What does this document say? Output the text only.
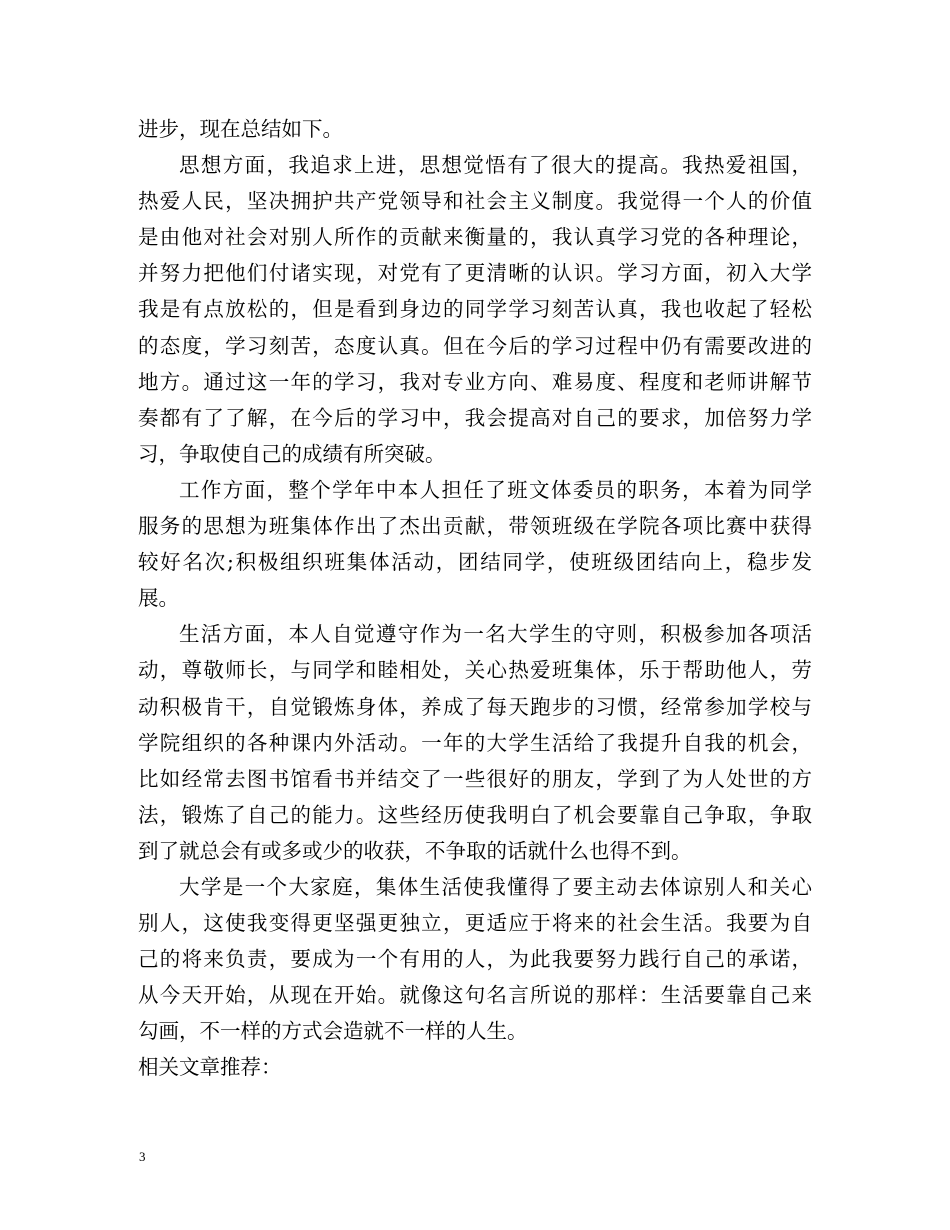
进步，现在总结如下。
思想方面，我追求上进，思想觉悟有了很大的提高。我热爱祖国，
热爱人民，坚决拥护共产党领导和社会主义制度。我觉得一个人的价值
是由他对社会对别人所作的贡献来衡量的，我认真学习党的各种理论，
并努力把他们付诸实现，对党有了更清晰的认识。学习方面，初入大学
我是有点放松的，但是看到身边的同学学习刻苦认真，我也收起了轻松
的态度，学习刻苦，态度认真。但在今后的学习过程中仍有需要改进的
地方。通过这一年的学习，我对专业方向、难易度、程度和老师讲解节
奏都有了了解，在今后的学习中，我会提高对自己的要求，加倍努力学
习，争取使自己的成绩有所突破。
工作方面，整个学年中本人担任了班文体委员的职务，本着为同学
服务的思想为班集体作出了杰出贡献，带领班级在学院各项比赛中获得
较好名次;积极组织班集体活动，团结同学，使班级团结向上，稳步发
展。
生活方面，本人自觉遵守作为一名大学生的守则，积极参加各项活
动，尊敬师长，与同学和睦相处，关心热爱班集体，乐于帮助他人，劳
动积极肯干，自觉锻炼身体，养成了每天跑步的习惯，经常参加学校与
学院组织的各种课内外活动。一年的大学生活给了我提升自我的机会，
比如经常去图书馆看书并结交了一些很好的朋友，学到了为人处世的方
法，锻炼了自己的能力。这些经历使我明白了机会要靠自己争取，争取
到了就总会有或多或少的收获，不争取的话就什么也得不到。
大学是一个大家庭，集体生活使我懂得了要主动去体谅别人和关心
别人，这使我变得更坚强更独立，更适应于将来的社会生活。我要为自
己的将来负责，要成为一个有用的人，为此我要努力践行自己的承诺，
从今天开始，从现在开始。就像这句名言所说的那样：生活要靠自己来
勾画，不一样的方式会造就不一样的人生。
相关文章推荐：
3
